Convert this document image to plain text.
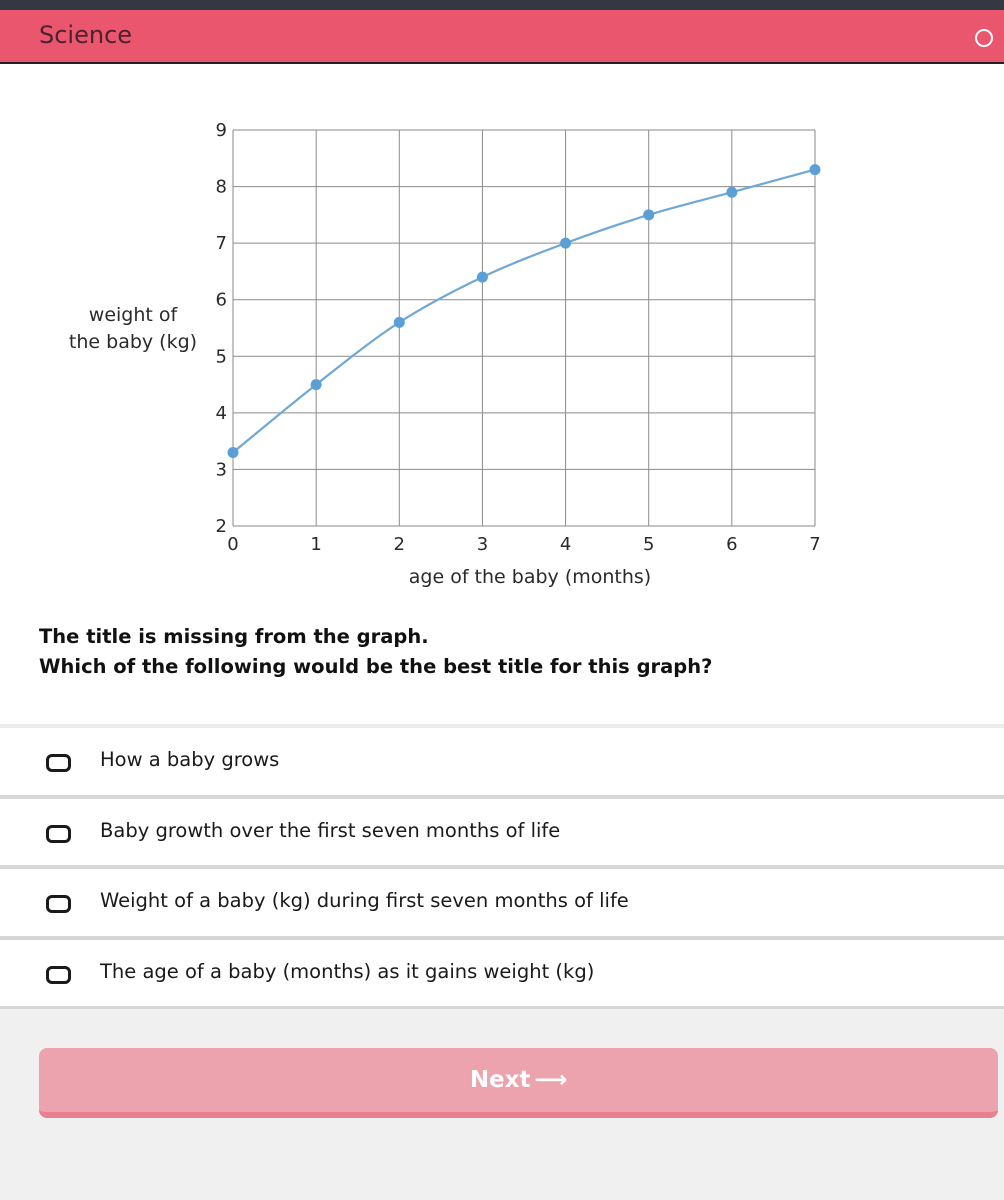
Science
2
3
4
5
6
7
8
9
0	1	2	3	4	5	6	7
weight of
the baby (kg)
age of the baby (months)
The title is missing from the graph.
Which of the following would be the best title for this graph?
How a baby grows
Baby growth over the first seven months of life
Weight of a baby (kg) during first seven months of life
The age of a baby (months) as it gains weight (kg)
Next ⟶
